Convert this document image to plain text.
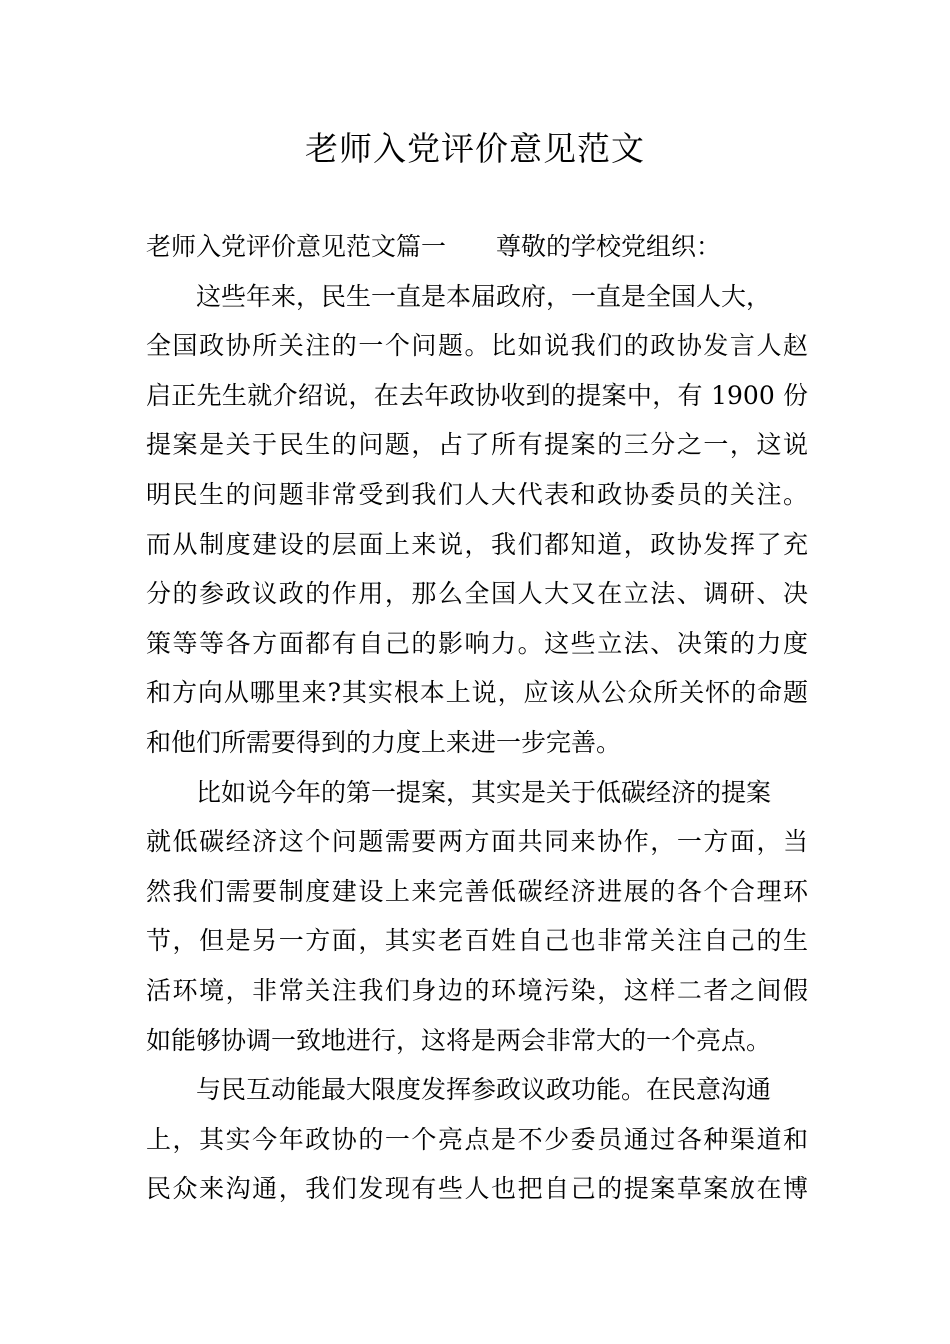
老师入党评价意见范文
老师入党评价意见范文篇一 尊敬的学校党组织：
这些年来，民生一直是本届政府，一直是全国人大，
全国政协所关注的一个问题。比如说我们的政协发言人赵
启正先生就介绍说，在去年政协收到的提案中，有 1900 份
提案是关于民生的问题，占了所有提案的三分之一，这说
明民生的问题非常受到我们人大代表和政协委员的关注。
而从制度建设的层面上来说，我们都知道，政协发挥了充
分的参政议政的作用，那么全国人大又在立法、调研、决
策等等各方面都有自己的影响力。这些立法、决策的力度
和方向从哪里来?其实根本上说，应该从公众所关怀的命题
和他们所需要得到的力度上来进一步完善。
比如说今年的第一提案，其实是关于低碳经济的提案
就低碳经济这个问题需要两方面共同来协作，一方面，当
然我们需要制度建设上来完善低碳经济进展的各个合理环
节，但是另一方面，其实老百姓自己也非常关注自己的生
活环境，非常关注我们身边的环境污染，这样二者之间假
如能够协调一致地进行，这将是两会非常大的一个亮点。
与民互动能最大限度发挥参政议政功能。在民意沟通
上，其实今年政协的一个亮点是不少委员通过各种渠道和
民众来沟通，我们发现有些人也把自己的提案草案放在博
